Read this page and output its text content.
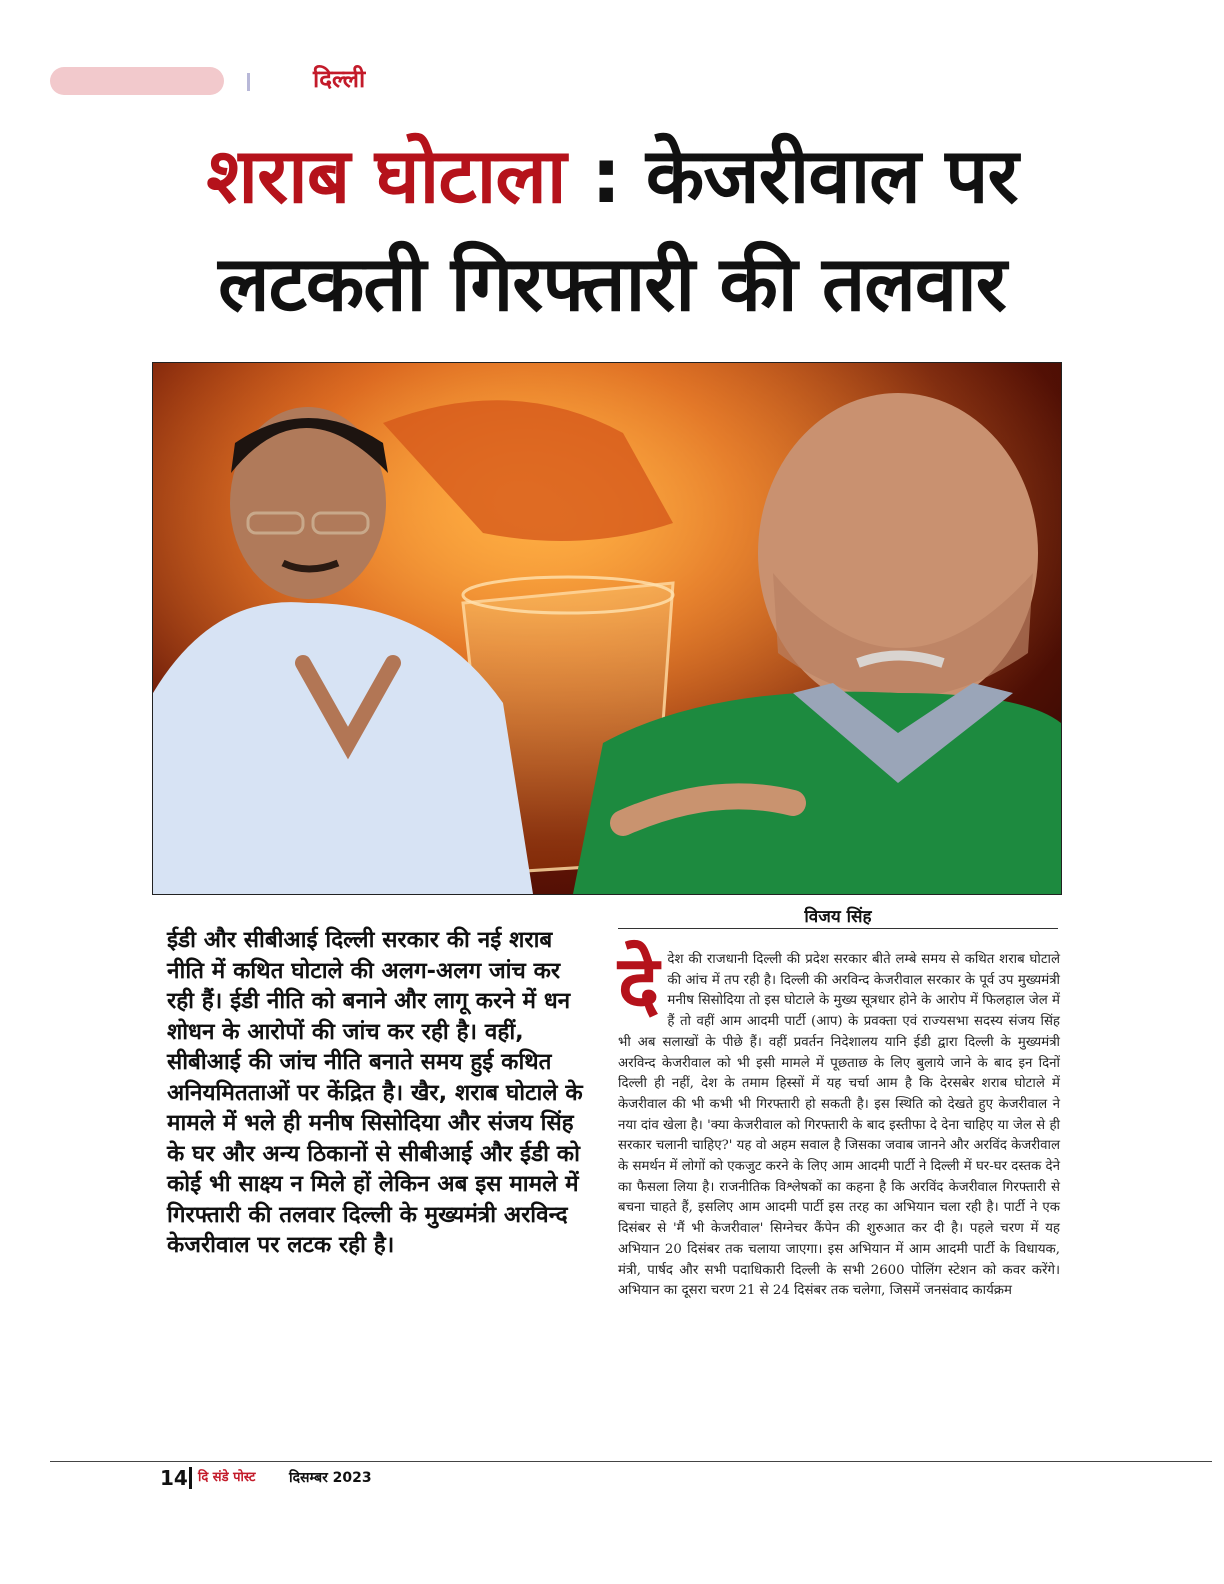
दिल्ली
शराब घोटाला : केजरीवाल पर
लटकती गिरफ्तारी की तलवार
विजय सिंह
ईडी और सीबीआई दिल्ली सरकार की नई शराब नीति में कथित घोटाले की अलग-अलग जांच कर रही हैं। ईडी नीति को बनाने और लागू करने में धन शोधन के आरोपों की जांच कर रही है। वहीं, सीबीआई की जांच नीति बनाते समय हुई कथित अनियमितताओं पर केंद्रित है। खैर, शराब घोटाले के मामले में भले ही मनीष सिसोदिया और संजय सिंह के घर और अन्य ठिकानों से सीबीआई और ईडी को कोई भी साक्ष्य न मिले हों लेकिन अब इस मामले में गिरफ्तारी की तलवार दिल्ली के मुख्यमंत्री अरविन्द केजरीवाल पर लटक रही है।
दे देश की राजधानी दिल्ली की प्रदेश सरकार बीते लम्बे समय से कथित शराब घोटाले की आंच में तप रही है। दिल्ली की अरविन्द केजरीवाल सरकार के पूर्व उप मुख्यमंत्री मनीष सिसोदिया तो इस घोटाले के मुख्य सूत्रधार होने के आरोप में फिलहाल जेल में हैं तो वहीं आम आदमी पार्टी (आप) के प्रवक्ता एवं राज्यसभा सदस्य संजय सिंह भी अब सलाखों के पीछे हैं। वहीं प्रवर्तन निदेशालय यानि ईडी द्वारा दिल्ली के मुख्यमंत्री अरविन्द केजरीवाल को भी इसी मामले में पूछताछ के लिए बुलाये जाने के बाद इन दिनों दिल्ली ही नहीं, देश के तमाम हिस्सों में यह चर्चा आम है कि देरसबेर शराब घोटाले में केजरीवाल की भी कभी भी गिरफ्तारी हो सकती है। इस स्थिति को देखते हुए केजरीवाल ने नया दांव खेला है। 'क्या केजरीवाल को गिरफ्तारी के बाद इस्तीफा दे देना चाहिए या जेल से ही सरकार चलानी चाहिए?' यह वो अहम सवाल है जिसका जवाब जानने और अरविंद केजरीवाल के समर्थन में लोगों को एकजुट करने के लिए आम आदमी पार्टी ने दिल्ली में घर-घर दस्तक देने का फैसला लिया है। राजनीतिक विश्लेषकों का कहना है कि अरविंद केजरीवाल गिरफ्तारी से बचना चाहते हैं, इसलिए आम आदमी पार्टी इस तरह का अभियान चला रही है। पार्टी ने एक दिसंबर से 'मैं भी केजरीवाल' सिग्नेचर कैंपेन की शुरुआत कर दी है। पहले चरण में यह अभियान 20 दिसंबर तक चलाया जाएगा। इस अभियान में आम आदमी पार्टी के विधायक, मंत्री, पार्षद और सभी पदाधिकारी दिल्ली के सभी 2600 पोलिंग स्टेशन को कवर करेंगे। अभियान का दूसरा चरण 21 से 24 दिसंबर तक चलेगा, जिसमें जनसंवाद कार्यक्रम
14 दि संडे पोस्ट दिसम्बर 2023
